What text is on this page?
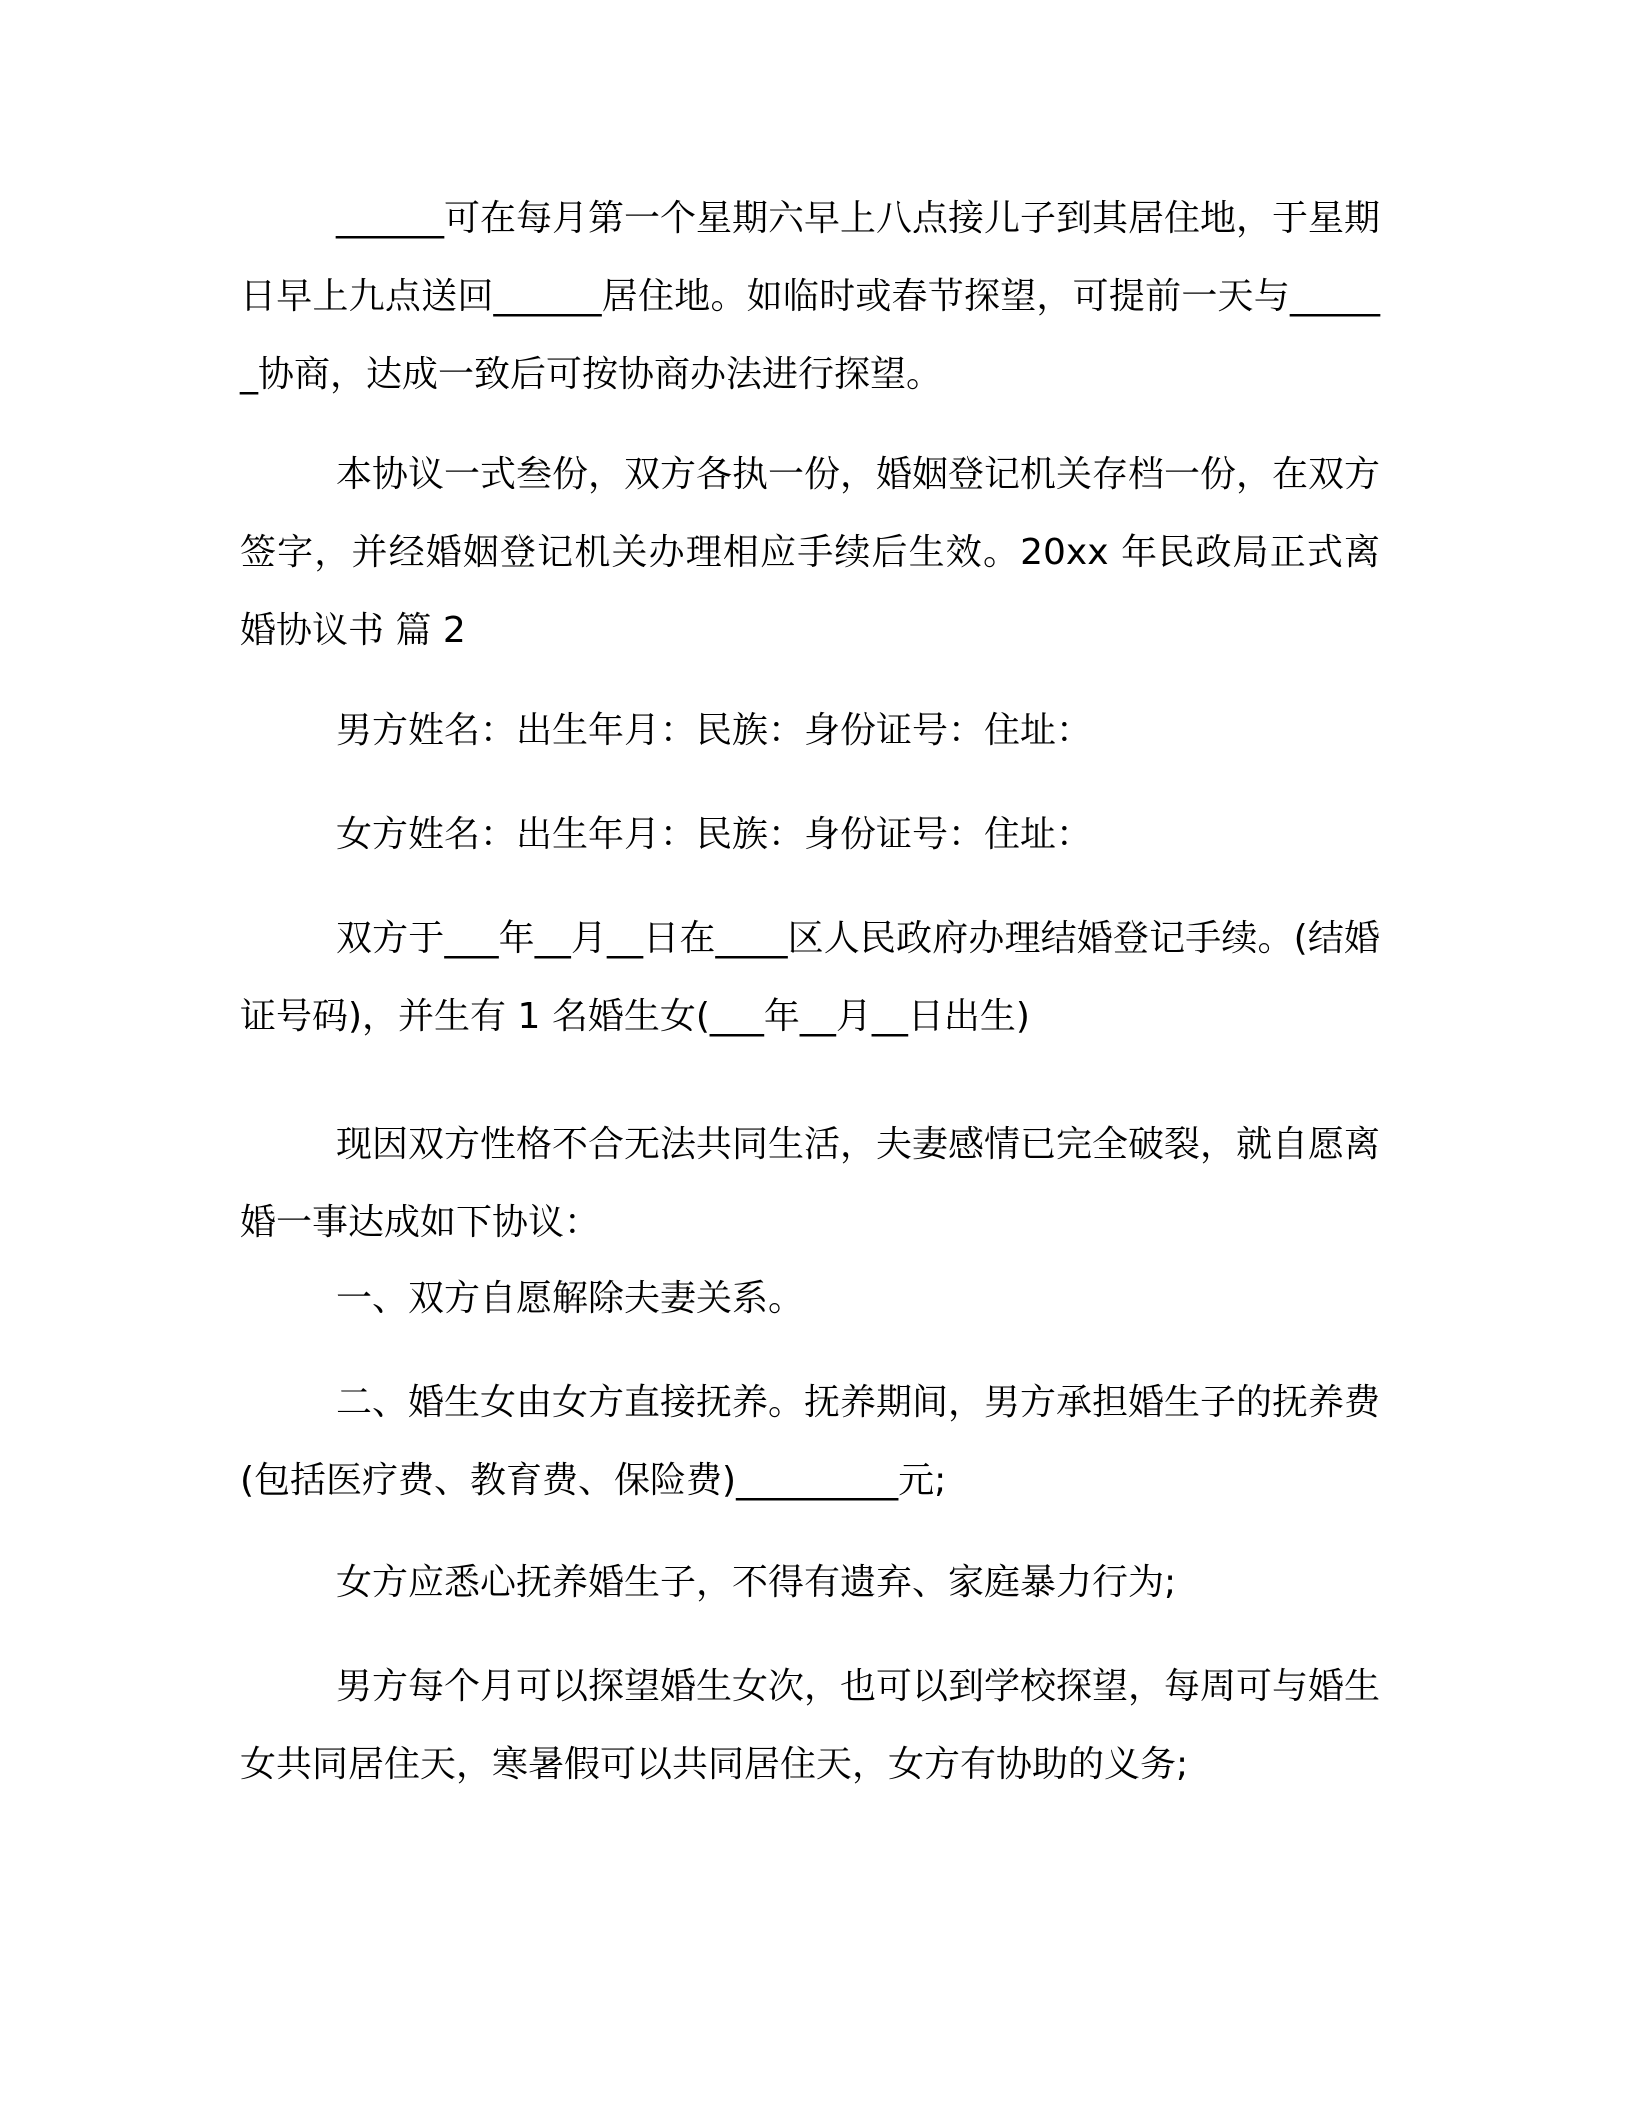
______可在每月第一个星期六早上八点接儿子到其居住地，于星期日早上九点送回______居住地。如临时或春节探望，可提前一天与______协商，达成一致后可按协商办法进行探望。

本协议一式叁份，双方各执一份，婚姻登记机关存档一份，在双方签字，并经婚姻登记机关办理相应手续后生效。20xx 年民政局正式离婚协议书 篇 2

男方姓名：出生年月：民族：身份证号：住址：

女方姓名：出生年月：民族：身份证号：住址：

双方于___年__月__日在____区人民政府办理结婚登记手续。(结婚证号码)，并生有 1 名婚生女(___年__月__日出生)

现因双方性格不合无法共同生活，夫妻感情已完全破裂，就自愿离婚一事达成如下协议：

一、双方自愿解除夫妻关系。

二、婚生女由女方直接抚养。抚养期间，男方承担婚生子的抚养费(包括医疗费、教育费、保险费)_________元;

女方应悉心抚养婚生子，不得有遗弃、家庭暴力行为;

男方每个月可以探望婚生女次，也可以到学校探望，每周可与婚生女共同居住天，寒暑假可以共同居住天，女方有协助的义务;
